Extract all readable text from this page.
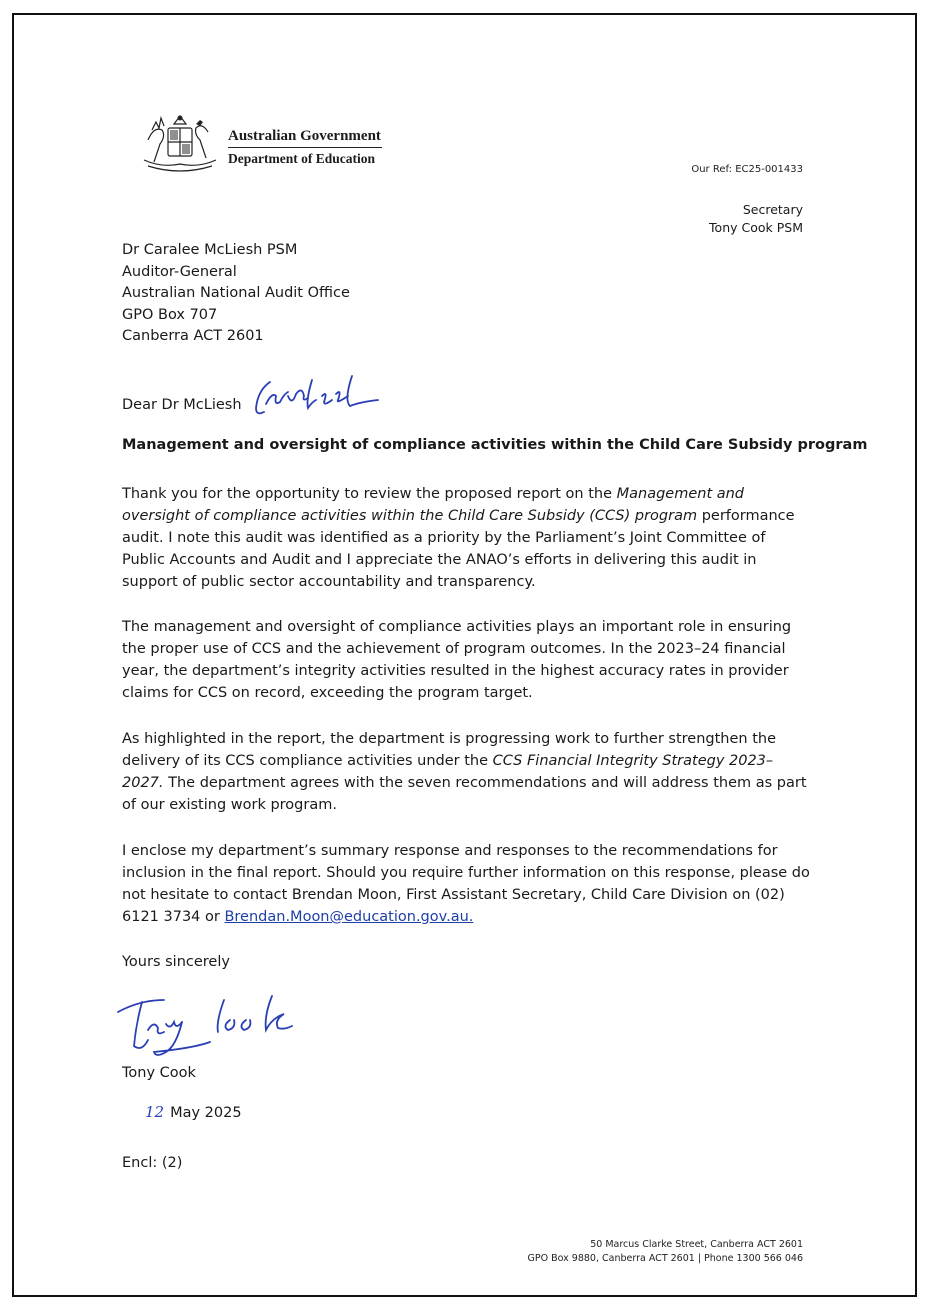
Australian Government
Department of Education
Our Ref: EC25-001433
Secretary
Tony Cook PSM
Dr Caralee McLiesh PSM
Auditor-General
Australian National Audit Office
GPO Box 707
Canberra ACT 2601
Dear Dr McLiesh
Management and oversight of compliance activities within the Child Care Subsidy program
Thank you for the opportunity to review the proposed report on the Management and oversight of compliance activities within the Child Care Subsidy (CCS) program performance audit. I note this audit was identified as a priority by the Parliament’s Joint Committee of Public Accounts and Audit and I appreciate the ANAO’s efforts in delivering this audit in support of public sector accountability and transparency.
The management and oversight of compliance activities plays an important role in ensuring the proper use of CCS and the achievement of program outcomes. In the 2023–24 financial year, the department’s integrity activities resulted in the highest accuracy rates in provider claims for CCS on record, exceeding the program target.
As highlighted in the report, the department is progressing work to further strengthen the delivery of its CCS compliance activities under the CCS Financial Integrity Strategy 2023–2027. The department agrees with the seven recommendations and will address them as part of our existing work program.
I enclose my department’s summary response and responses to the recommendations for inclusion in the final report. Should you require further information on this response, please do not hesitate to contact Brendan Moon, First Assistant Secretary, Child Care Division on (02) 6121 3734 or Brendan.Moon@education.gov.au.
Yours sincerely
Tony Cook
12 May 2025
Encl: (2)
50 Marcus Clarke Street, Canberra ACT 2601
GPO Box 9880, Canberra ACT 2601 | Phone 1300 566 046
